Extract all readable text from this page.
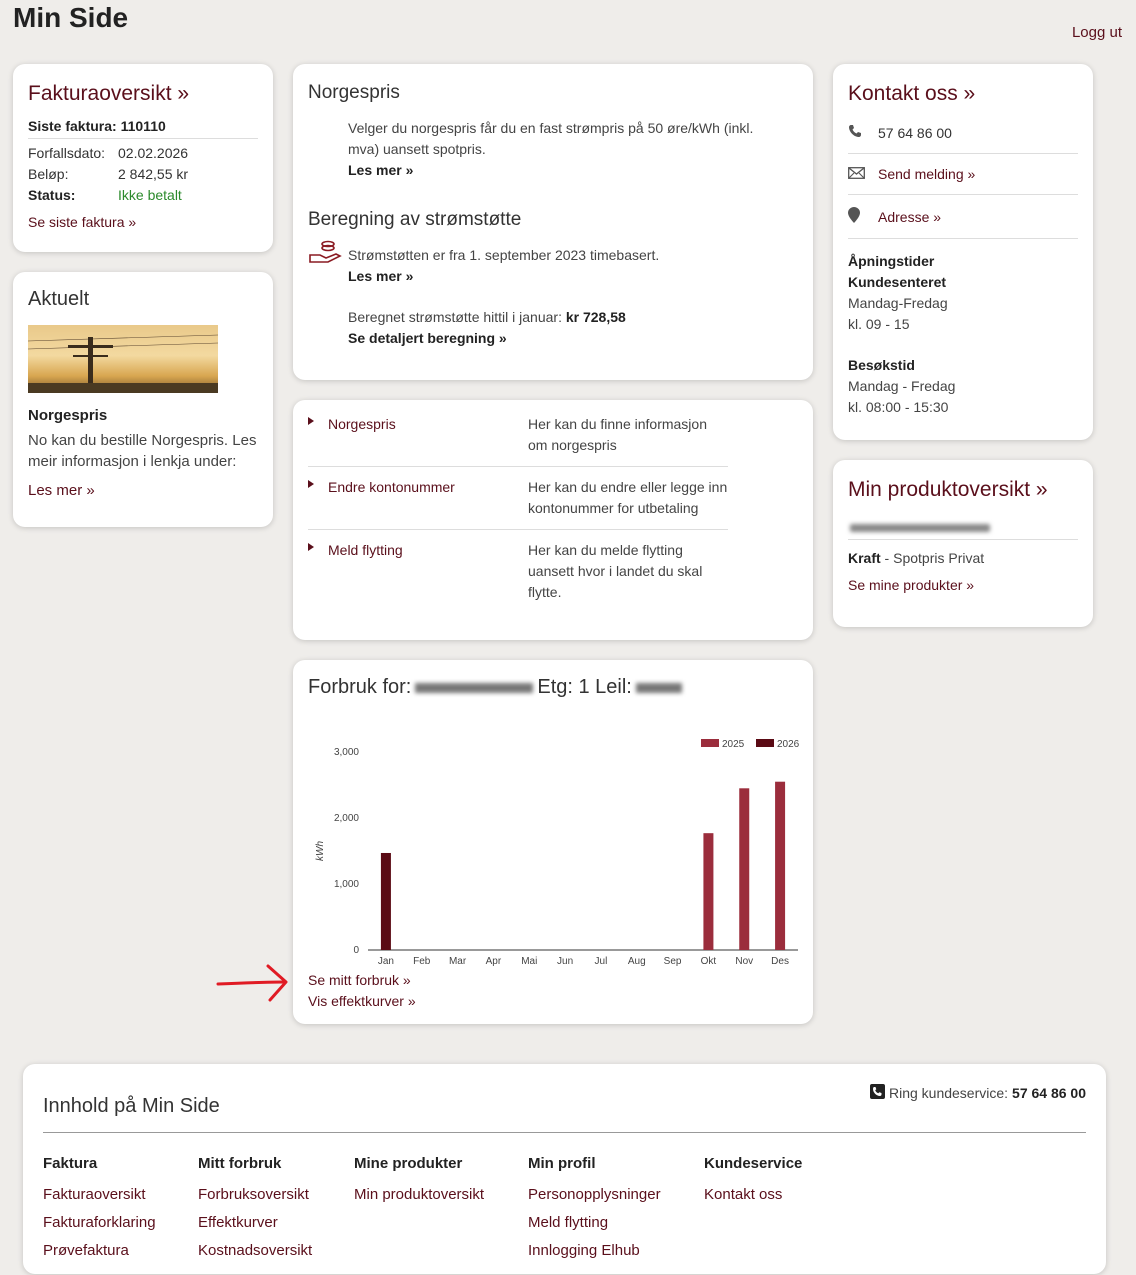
Min Side	Logg ut
Fakturaoversikt »
Siste faktura: 110110
Forfallsdato: 02.02.2026
Beløp:	2 842,55 kr
Status:	Ikke betalt
Se siste faktura »
Aktuelt
Norgespris
No kan du bestille Norgespris. Les meir informasjon i lenkja under:
Les mer »
Norgespris
Velger du norgespris får du en fast strømpris på 50 øre/kWh (inkl. mva) uansett spotpris.
Les mer »
Beregning av strømstøtte
Strømstøtten er fra 1. september 2023 timebasert.
Les mer »
Beregnet strømstøtte hittil i januar: kr 728,58
Se detaljert beregning »
Norgespris	Her kan du finne informasjon om norgespris
Endre kontonummer	Her kan du endre eller legge inn kontonummer for utbetaling
Meld flytting	Her kan du melde flytting uansett hvor i landet du skal flytte.
Kontakt oss »
57 64 86 00
Send melding »
Adresse »
Åpningstider
Kundesenteret
Mandag-Fredag
kl. 09 - 15
Besøkstid
Mandag - Fredag
kl. 08:00 - 15:30
Min produktoversikt »
Kraft - Spotpris Privat
Se mine produkter »
Forbruk for:	Etg: 1 Leil:
0
1,000
2,000
3,000
kWh
Jan Feb Mar Apr Mai Jun Jul Aug Sep Okt Nov Des
2025	2026
Se mitt forbruk »
Vis effektkurver »
Innhold på Min Side
Ring kundeservice: 57 64 86 00
Faktura
Fakturaoversikt
Fakturaforklaring
Prøvefaktura
Mitt forbruk
Forbruksoversikt
Effektkurver
Kostnadsoversikt
Mine produkter
Min produktoversikt
Min profil
Personopplysninger
Meld flytting
Innlogging Elhub
Kundeservice
Kontakt oss
